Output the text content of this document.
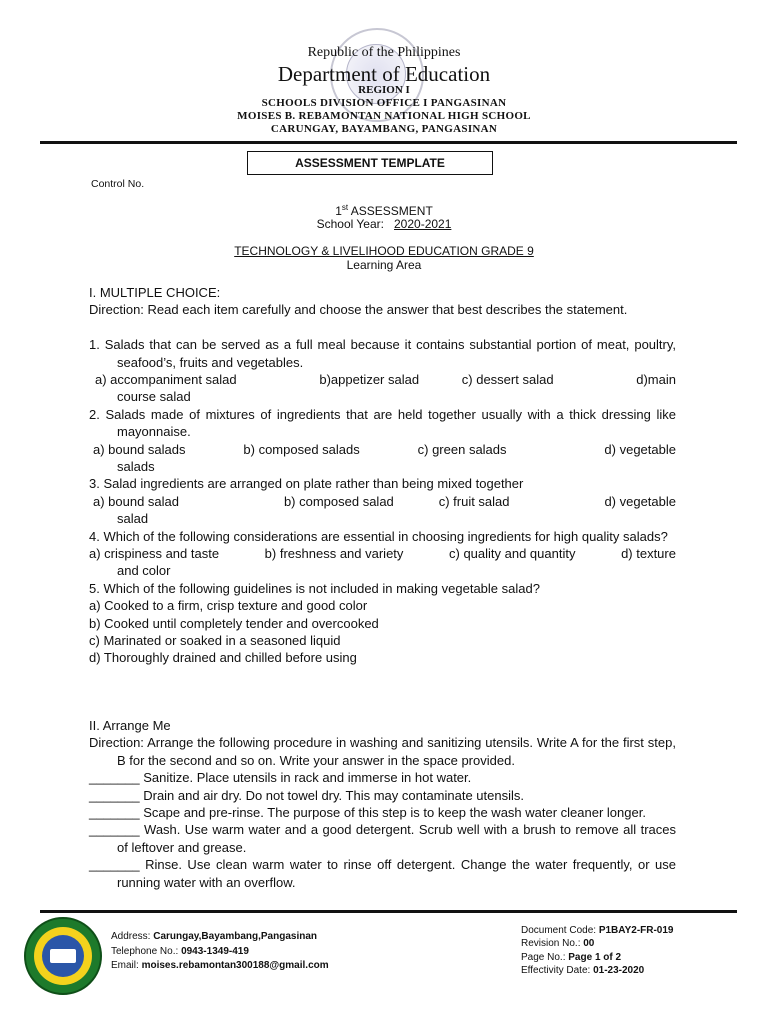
Republic of the Philippines
Department of Education
REGION I
SCHOOLS DIVISION OFFICE I PANGASINAN
MOISES B. REBAMONTAN NATIONAL HIGH SCHOOL
CARUNGAY, BAYAMBANG, PANGASINAN
ASSESSMENT TEMPLATE
Control No.
1st ASSESSMENT
School Year: 2020-2021
TECHNOLOGY & LIVELIHOOD EDUCATION GRADE 9
Learning Area
I. MULTIPLE CHOICE:
Direction: Read each item carefully and choose the answer that best describes the statement.
1. Salads that can be served as a full meal because it contains substantial portion of meat, poultry, seafood’s, fruits and vegetables.
a) accompaniment salad	b)appetizer salad	c) dessert salad	d)main
course salad
2. Salads made of mixtures of ingredients that are held together usually with a thick dressing like mayonnaise.
a) bound salads	b) composed salads	c) green salads	d) vegetable
salads
3. Salad ingredients are arranged on plate rather than being mixed together
a) bound salad	b) composed salad	c) fruit salad	d) vegetable
salad
4. Which of the following considerations are essential in choosing ingredients for high quality salads?
a) crispiness and taste	b) freshness and variety	c) quality and quantity	d) texture
and color
5. Which of the following guidelines is not included in making vegetable salad?
a) Cooked to a firm, crisp texture and good color
b) Cooked until completely tender and overcooked
c) Marinated or soaked in a seasoned liquid
d) Thoroughly drained and chilled before using
II. Arrange Me
Direction: Arrange the following procedure in washing and sanitizing utensils. Write A for the first step, B for the second and so on. Write your answer in the space provided.
_______ Sanitize. Place utensils in rack and immerse in hot water.
_______ Drain and air dry. Do not towel dry. This may contaminate utensils.
_______ Scape and pre-rinse. The purpose of this step is to keep the wash water cleaner longer.
_______ Wash. Use warm water and a good detergent. Scrub well with a brush to remove all traces of leftover and grease.
_______ Rinse. Use clean warm water to rinse off detergent. Change the water frequently, or use running water with an overflow.
Address: Carungay,Bayambang,Pangasinan
Telephone No.: 0943-1349-419
Email: moises.rebamontan300188@gmail.com
Document Code: P1BAY2-FR-019
Revision No.: 00
Page No.: Page 1 of 2
Effectivity Date: 01-23-2020
